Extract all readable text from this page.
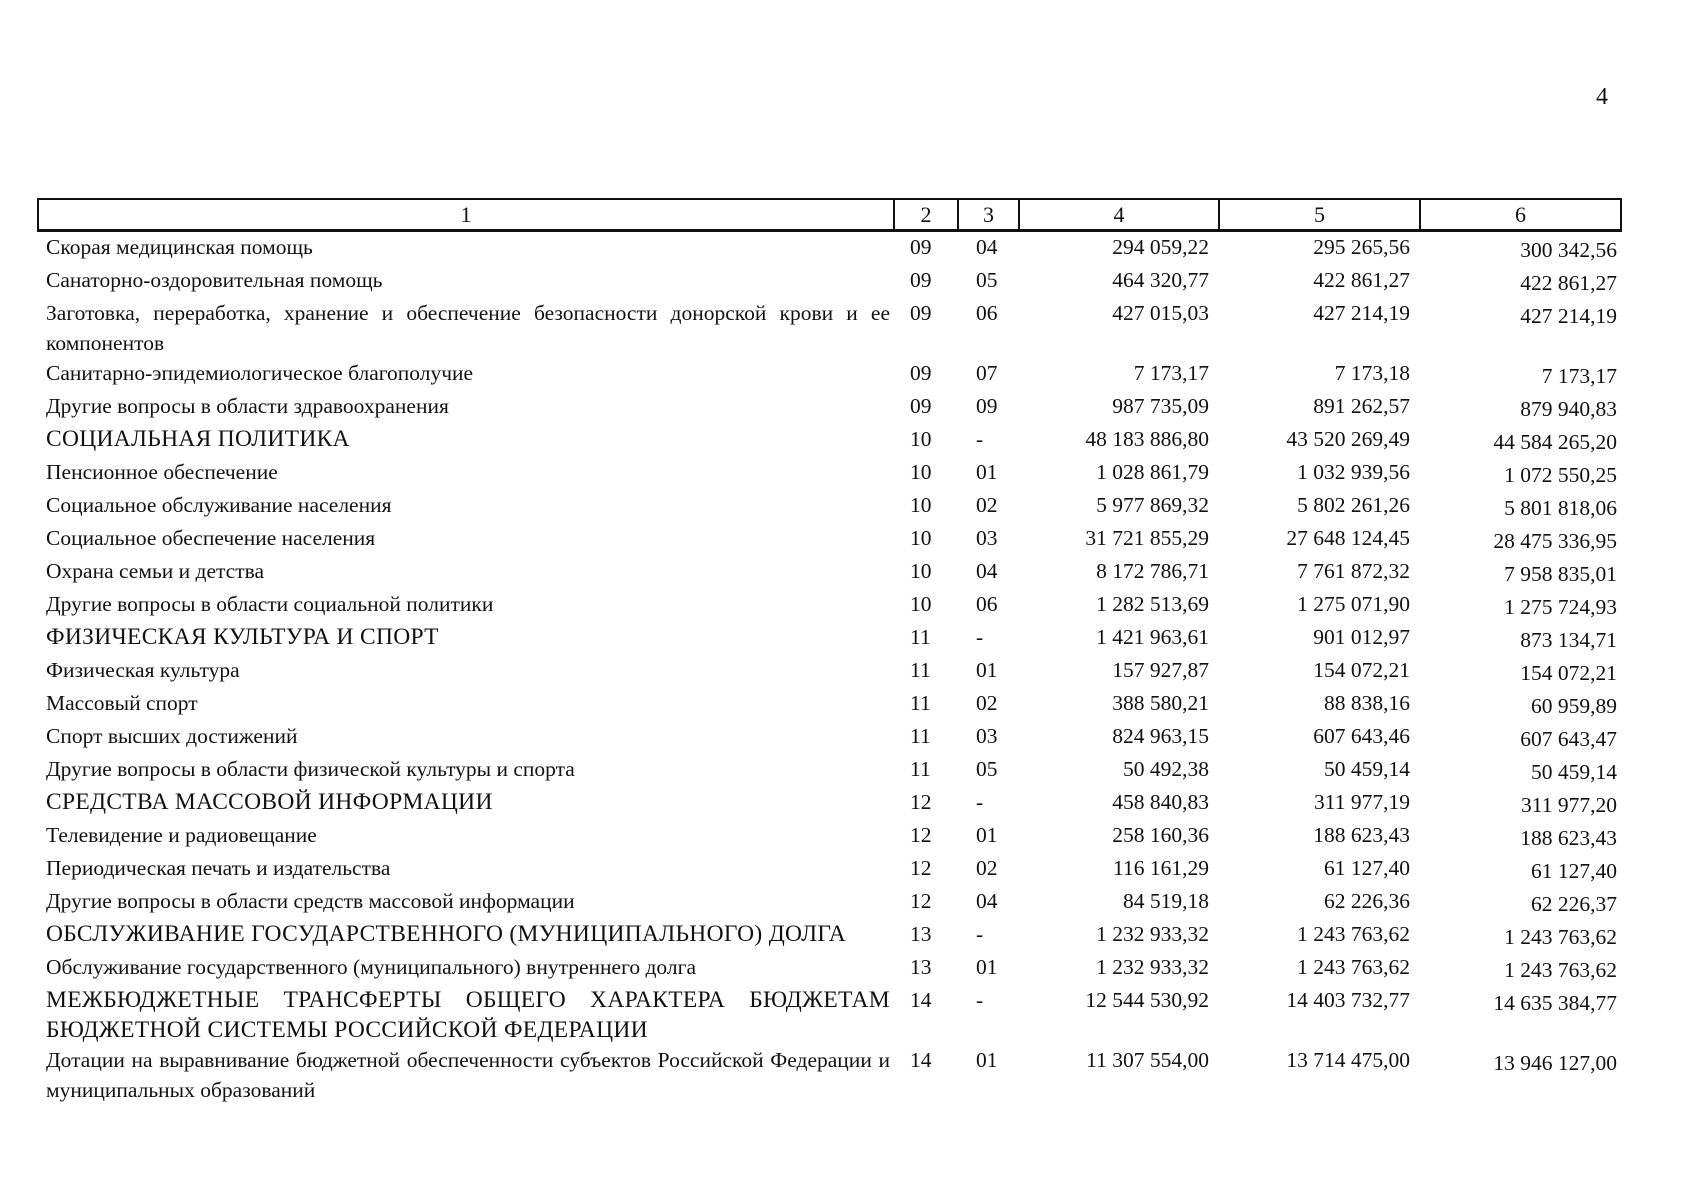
4
1	2	3	4	5	6
Скорая медицинская помощь	09	04	294 059,22	295 265,56	300 342,56
Санаторно-оздоровительная помощь	09	05	464 320,77	422 861,27	422 861,27
Заготовка, переработка, хранение и обеспечение безопасности донорской крови и ее компонентов	09	06	427 015,03	427 214,19	427 214,19
Санитарно-эпидемиологическое благополучие	09	07	7 173,17	7 173,18	7 173,17
Другие вопросы в области здравоохранения	09	09	987 735,09	891 262,57	879 940,83
СОЦИАЛЬНАЯ ПОЛИТИКА	10	-	48 183 886,80	43 520 269,49	44 584 265,20
Пенсионное обеспечение	10	01	1 028 861,79	1 032 939,56	1 072 550,25
Социальное обслуживание населения	10	02	5 977 869,32	5 802 261,26	5 801 818,06
Социальное обеспечение населения	10	03	31 721 855,29	27 648 124,45	28 475 336,95
Охрана семьи и детства	10	04	8 172 786,71	7 761 872,32	7 958 835,01
Другие вопросы в области социальной политики	10	06	1 282 513,69	1 275 071,90	1 275 724,93
ФИЗИЧЕСКАЯ КУЛЬТУРА И СПОРТ	11	-	1 421 963,61	901 012,97	873 134,71
Физическая культура	11	01	157 927,87	154 072,21	154 072,21
Массовый спорт	11	02	388 580,21	88 838,16	60 959,89
Спорт высших достижений	11	03	824 963,15	607 643,46	607 643,47
Другие вопросы в области физической культуры и спорта	11	05	50 492,38	50 459,14	50 459,14
СРЕДСТВА МАССОВОЙ ИНФОРМАЦИИ	12	-	458 840,83	311 977,19	311 977,20
Телевидение и радиовещание	12	01	258 160,36	188 623,43	188 623,43
Периодическая печать и издательства	12	02	116 161,29	61 127,40	61 127,40
Другие вопросы в области средств массовой информации	12	04	84 519,18	62 226,36	62 226,37
ОБСЛУЖИВАНИЕ ГОСУДАРСТВЕННОГО (МУНИЦИПАЛЬНОГО) ДОЛГА	13	-	1 232 933,32	1 243 763,62	1 243 763,62
Обслуживание государственного (муниципального) внутреннего долга	13	01	1 232 933,32	1 243 763,62	1 243 763,62
МЕЖБЮДЖЕТНЫЕ ТРАНСФЕРТЫ ОБЩЕГО ХАРАКТЕРА БЮДЖЕТАМ БЮДЖЕТНОЙ СИСТЕМЫ РОССИЙСКОЙ ФЕДЕРАЦИИ	14	-	12 544 530,92	14 403 732,77	14 635 384,77
Дотации на выравнивание бюджетной обеспеченности субъектов Российской Федерации и муниципальных образований	14	01	11 307 554,00	13 714 475,00	13 946 127,00
